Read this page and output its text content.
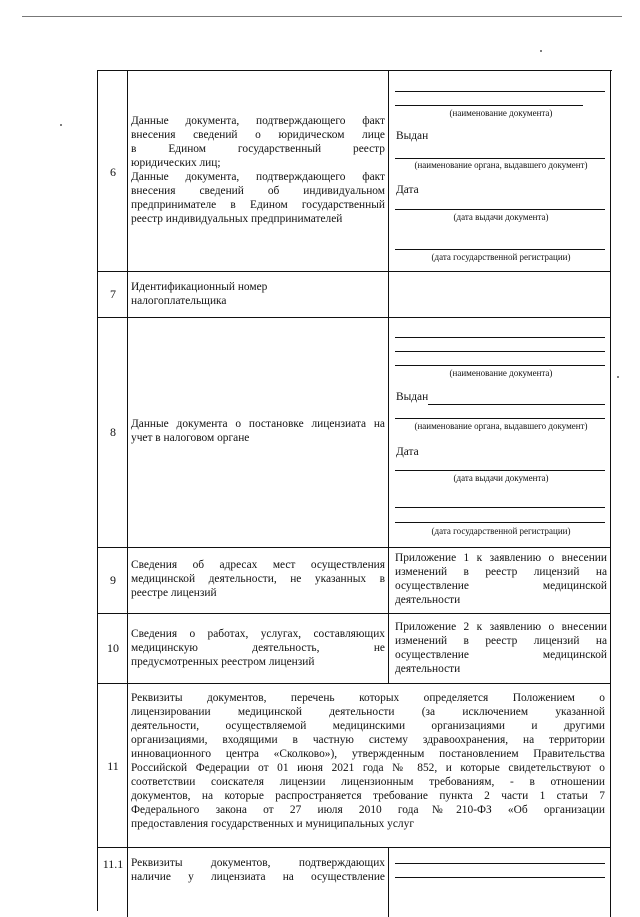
6
Данные документа, подтверждающего факт
внесения сведений о юридическом лице
в Едином государственный реестр
юридических лиц;
Данные документа, подтверждающего факт
внесения сведений об индивидуальном
предпринимателе в Едином государственный
реестр индивидуальных предпринимателей
(наименование документа)
Выдан
(наименование органа, выдавшего документ)
Дата
(дата выдачи документа)
(дата государственной регистрации)
7	Идентификационный номер
налогоплательщика
8
Данные документа о постановке лицензиата на
учет в налоговом органе
(наименование документа)
Выдан
(наименование органа, выдавшего документ)
Дата
(дата выдачи документа)
(дата государственной регистрации)
9
Сведения об адресах мест осуществления
медицинской деятельности, не указанных в
реестре лицензий
Приложение 1 к заявлению о внесении
изменений в реестр лицензий на
осуществление медицинской
деятельности
10
Сведения о работах, услугах, составляющих
медицинскую деятельность, не
предусмотренных реестром лицензий
Приложение 2 к заявлению о внесении
изменений в реестр лицензий на
осуществление медицинской
деятельности
11
Реквизиты документов, перечень которых определяется Положением о
лицензировании медицинской деятельности (за исключением указанной
деятельности, осуществляемой медицинскими организациями и другими
организациями, входящими в частную систему здравоохранения, на территории
инновационного центра «Сколково»), утвержденным постановлением Правительства
Российской Федерации от 01 июня 2021 года № 852, и которые свидетельствуют о
соответствии соискателя лицензии лицензионным требованиям, - в отношении
документов, на которые распространяется требование пункта 2 части 1 статьи 7
Федерального закона от 27 июля 2010 года№210-ФЗ «Об организации
предоставления государственных и муниципальных услуг
11.1 Реквизиты документов, подтверждающих
наличие у лицензиата на осуществление
